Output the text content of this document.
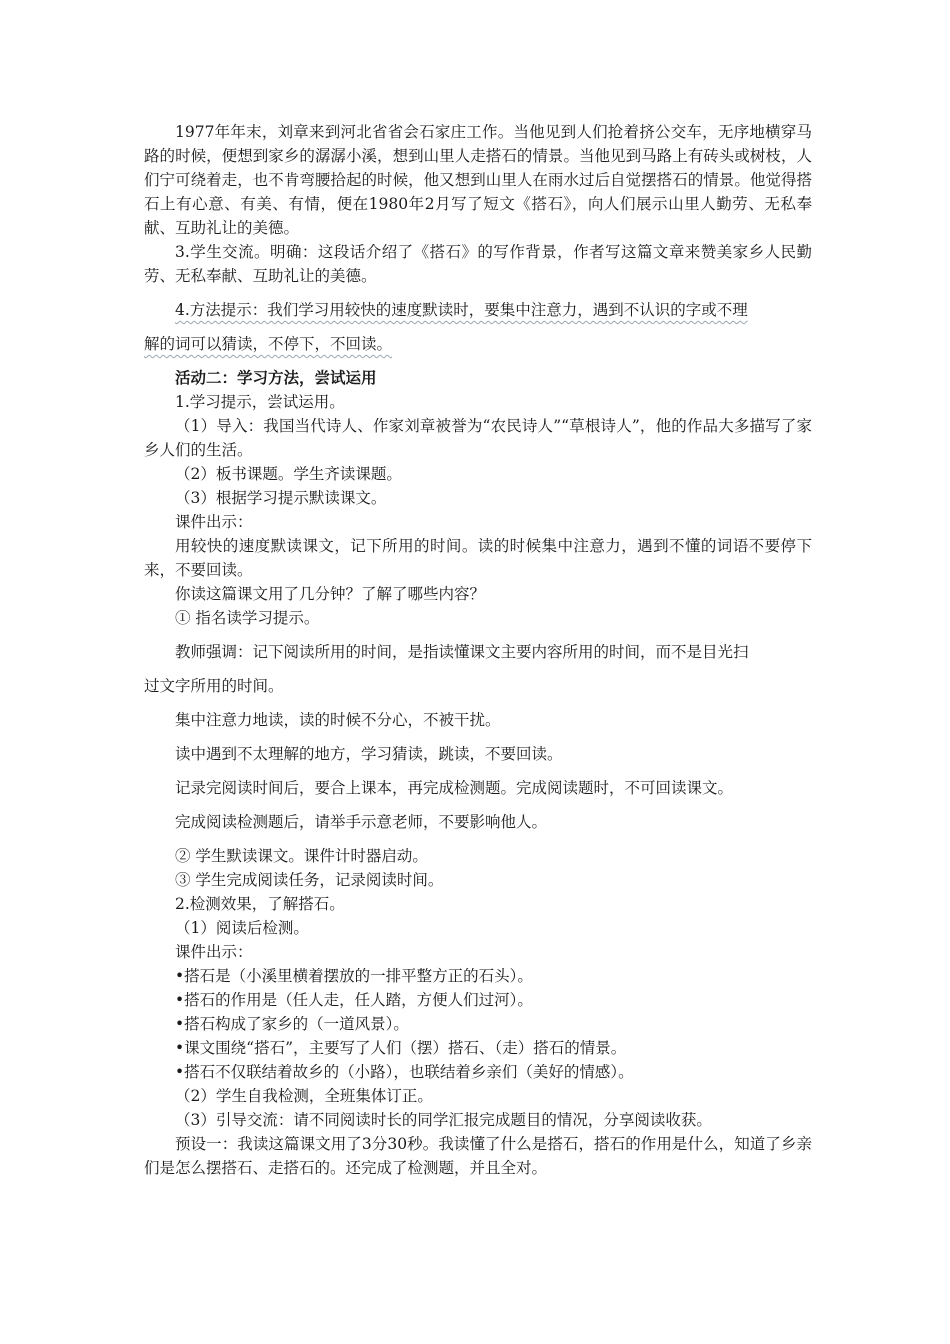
1977年年末，刘章来到河北省省会石家庄工作。当他见到人们抢着挤公交车，无序地横穿马路的时候，便想到家乡的潺潺小溪，想到山里人走搭石的情景。当他见到马路上有砖头或树枝，人们宁可绕着走，也不肯弯腰拾起的时候，他又想到山里人在雨水过后自觉摆搭石的情景。他觉得搭石上有心意、有美、有情，便在1980年2月写了短文《搭石》，向人们展示山里人勤劳、无私奉献、互助礼让的美德。

3.学生交流。明确：这段话介绍了《搭石》的写作背景，作者写这篇文章来赞美家乡人民勤劳、无私奉献、互助礼让的美德。

4.方法提示：我们学习用较快的速度默读时，要集中注意力，遇到不认识的字或不理

解的词可以猜读，不停下，不回读。

活动二：学习方法，尝试运用

1.学习提示，尝试运用。

（1）导入：我国当代诗人、作家刘章被誉为“农民诗人”“草根诗人”，他的作品大多描写了家乡人们的生活。

（2）板书课题。学生齐读课题。

（3）根据学习提示默读课文。

课件出示：

用较快的速度默读课文，记下所用的时间。读的时候集中注意力，遇到不懂的词语不要停下来，不要回读。

你读这篇课文用了几分钟？了解了哪些内容？

① 指名读学习提示。

教师强调：记下阅读所用的时间，是指读懂课文主要内容所用的时间，而不是目光扫

过文字所用的时间。

集中注意力地读，读的时候不分心，不被干扰。

读中遇到不太理解的地方，学习猜读，跳读，不要回读。

记录完阅读时间后，要合上课本，再完成检测题。完成阅读题时，不可回读课文。

完成阅读检测题后，请举手示意老师，不要影响他人。

② 学生默读课文。课件计时器启动。

③ 学生完成阅读任务，记录阅读时间。

2.检测效果，了解搭石。

（1）阅读后检测。

课件出示：

•搭石是（小溪里横着摆放的一排平整方正的石头）。

•搭石的作用是（任人走，任人踏，方便人们过河）。

•搭石构成了家乡的（一道风景）。

•课文围绕“搭石”，主要写了人们（摆）搭石、（走）搭石的情景。

•搭石不仅联结着故乡的（小路），也联结着乡亲们（美好的情感）。

（2）学生自我检测，全班集体订正。

（3）引导交流：请不同阅读时长的同学汇报完成题目的情况，分享阅读收获。

预设一：我读这篇课文用了3分30秒。我读懂了什么是搭石，搭石的作用是什么，知道了乡亲们是怎么摆搭石、走搭石的。还完成了检测题，并且全对。
